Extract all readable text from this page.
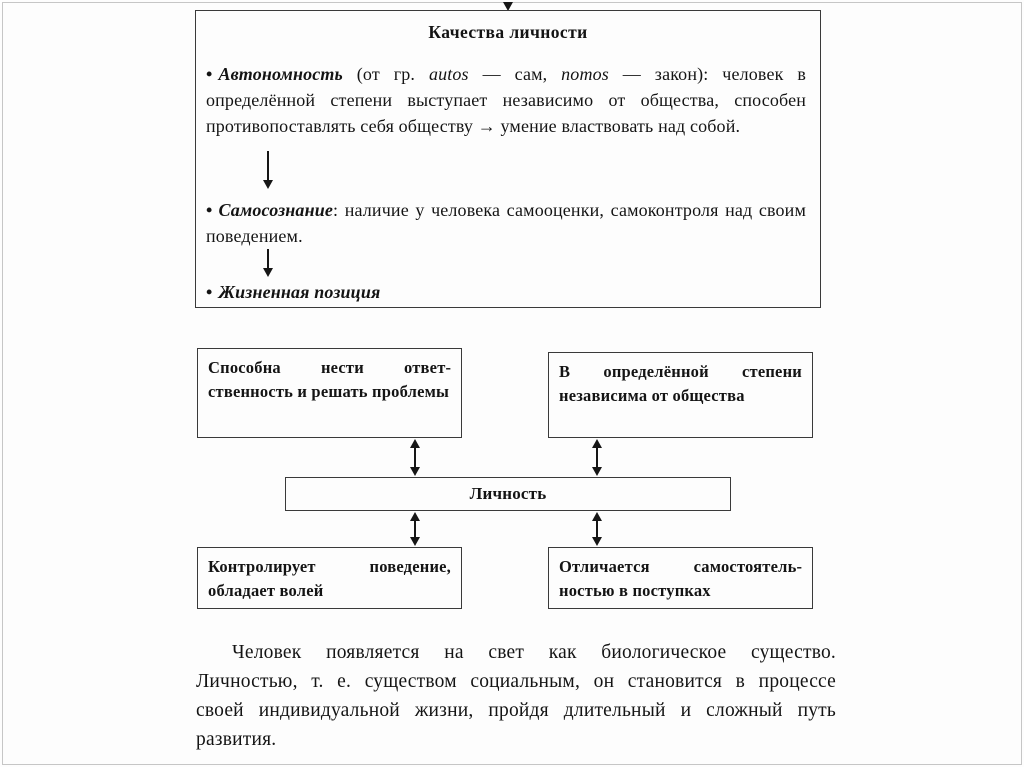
Качества личности

• Автономность (от гр. autos — сам, nomos — закон): человек в определённой степени выступает независимо от общества, способен противопоставлять себя обществу → умение властвовать над собой.

• Самосознание: наличие у человека самооценки, самоконтроля над своим поведением.

• Жизненная позиция

Способна нести ответственность и решать проблемы
В определённой степени независима от общества
Личность
Контролирует поведение, обладает волей
Отличается самостоятельностью в поступках

Человек появляется на свет как биологическое существо. Личностью, т. е. существом социальным, он становится в процессе своей индивидуальной жизни, пройдя длительный и сложный путь развития.
